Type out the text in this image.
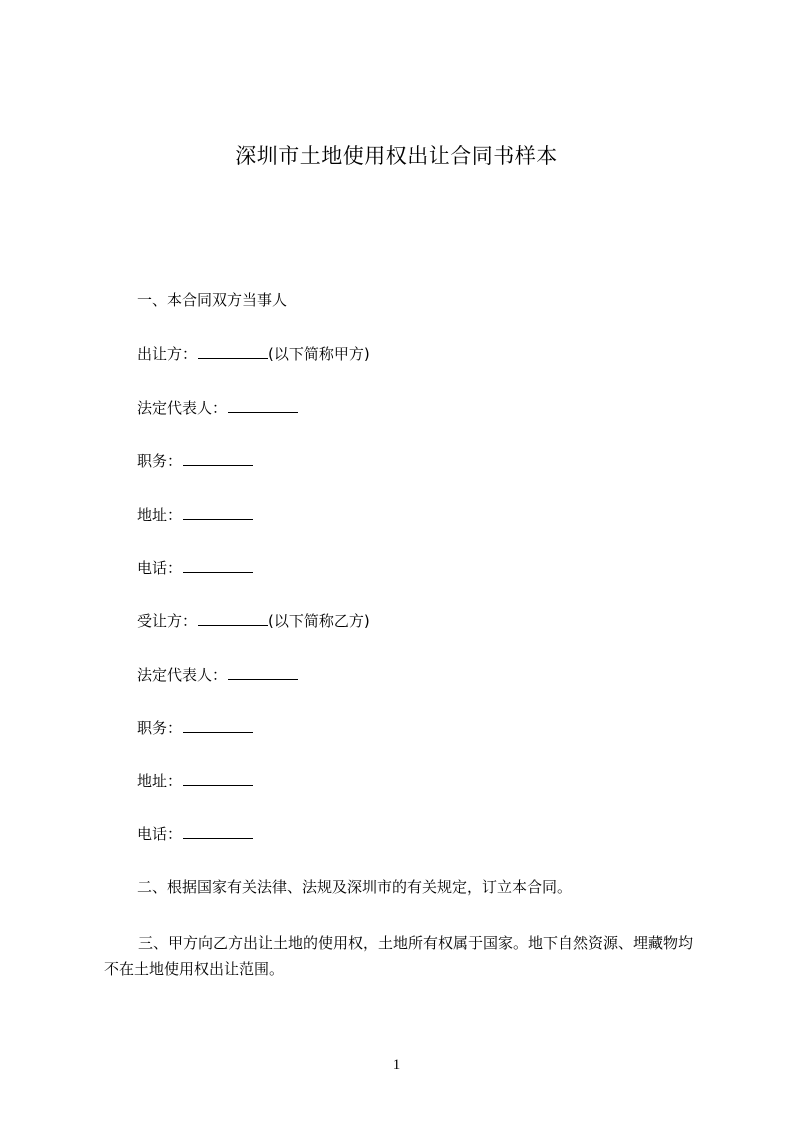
深圳市土地使用权出让合同书样本
一、本合同双方当事人
出让方：	(以下简称甲方)
法定代表人：
职务：
地址：
电话：
受让方：	(以下简称乙方)
法定代表人：
职务：
地址：
电话：
二、根据国家有关法律、法规及深圳市的有关规定，订立本合同。
三、甲方向乙方出让土地的使用权，土地所有权属于国家。地下自然资源、埋藏物均不在土地使用权出让范围。
1
